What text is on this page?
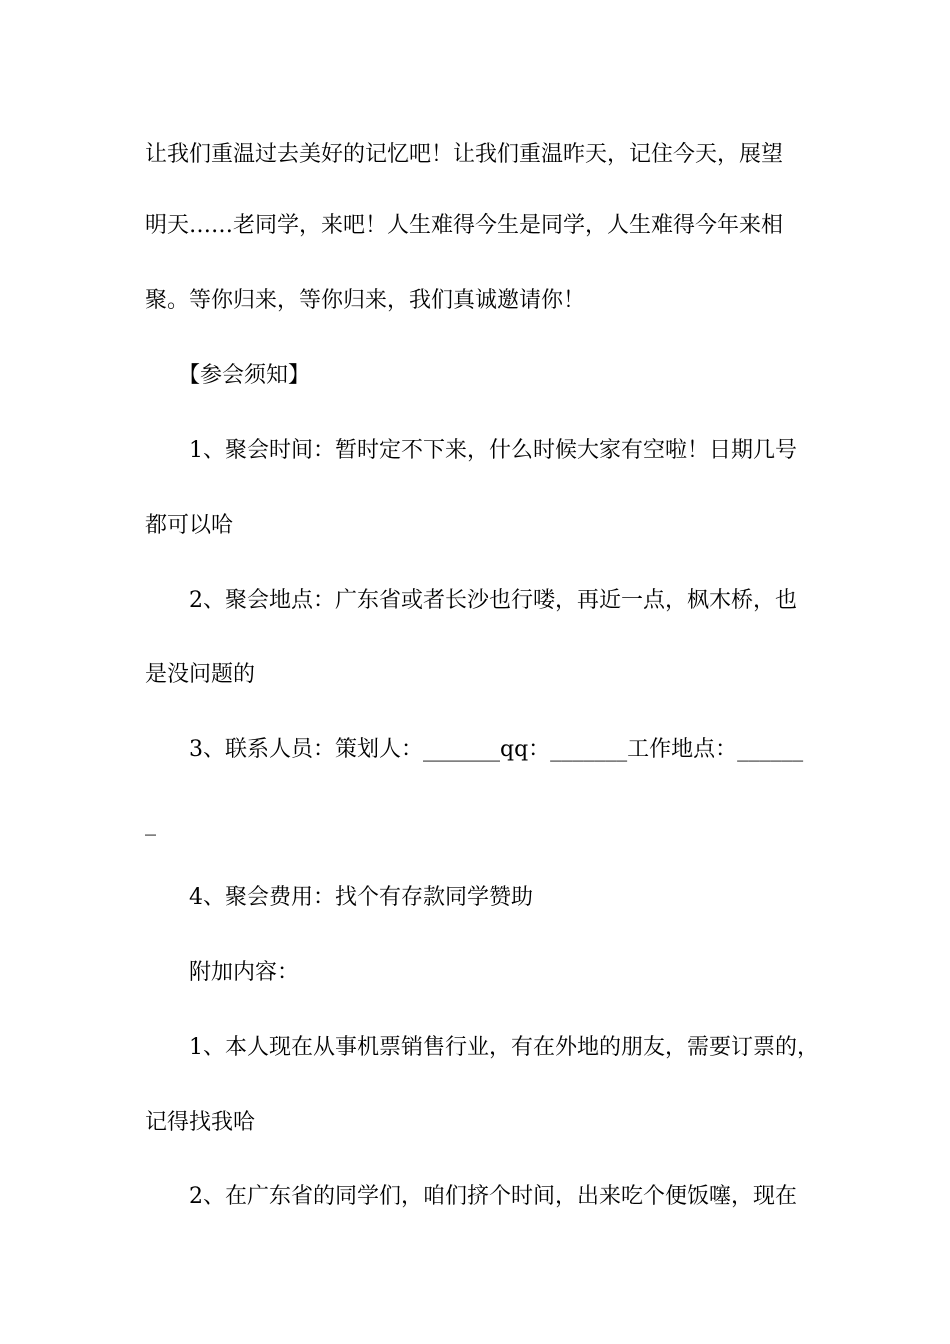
让我们重温过去美好的记忆吧！让我们重温昨天，记住今天，展望
明天……老同学，来吧！人生难得今生是同学，人生难得今年来相
聚。等你归来，等你归来，我们真诚邀请你！
【参会须知】
1、聚会时间：暂时定不下来，什么时候大家有空啦！日期几号
都可以哈
2、聚会地点：广东省或者长沙也行喽，再近一点，枫木桥，也
是没问题的
3、联系人员：策划人：_______qq：_______工作地点：______
_
4、聚会费用：找个有存款同学赞助
附加内容：
1、本人现在从事机票销售行业，有在外地的朋友，需要订票的，
记得找我哈
2、在广东省的同学们，咱们挤个时间，出来吃个便饭噻，现在
